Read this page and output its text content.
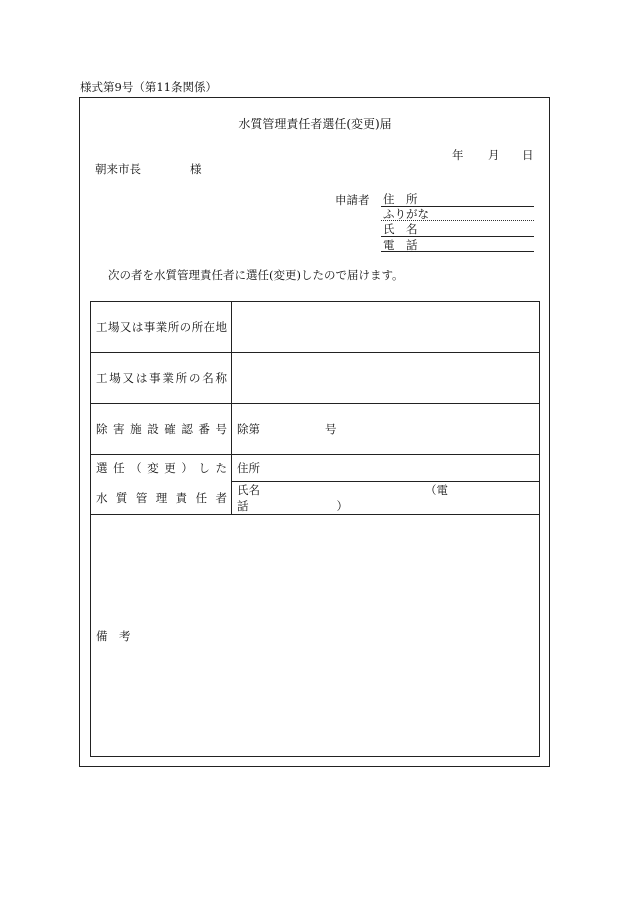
様式第9号（第11条関係）
水質管理責任者選任(変更)届
年 月 日
朝来市長	様
申請者 住　所
ふりがな
氏　名
電　話
次の者を水質管理責任者に選任(変更)したので届けます。
工場又は事業所の所在地	

工場又は事業所の名称	

除害施設確認番号	除第 号

選任（変更）した	住所

水質管理責任者	氏名 （電話 ）
備　考	
